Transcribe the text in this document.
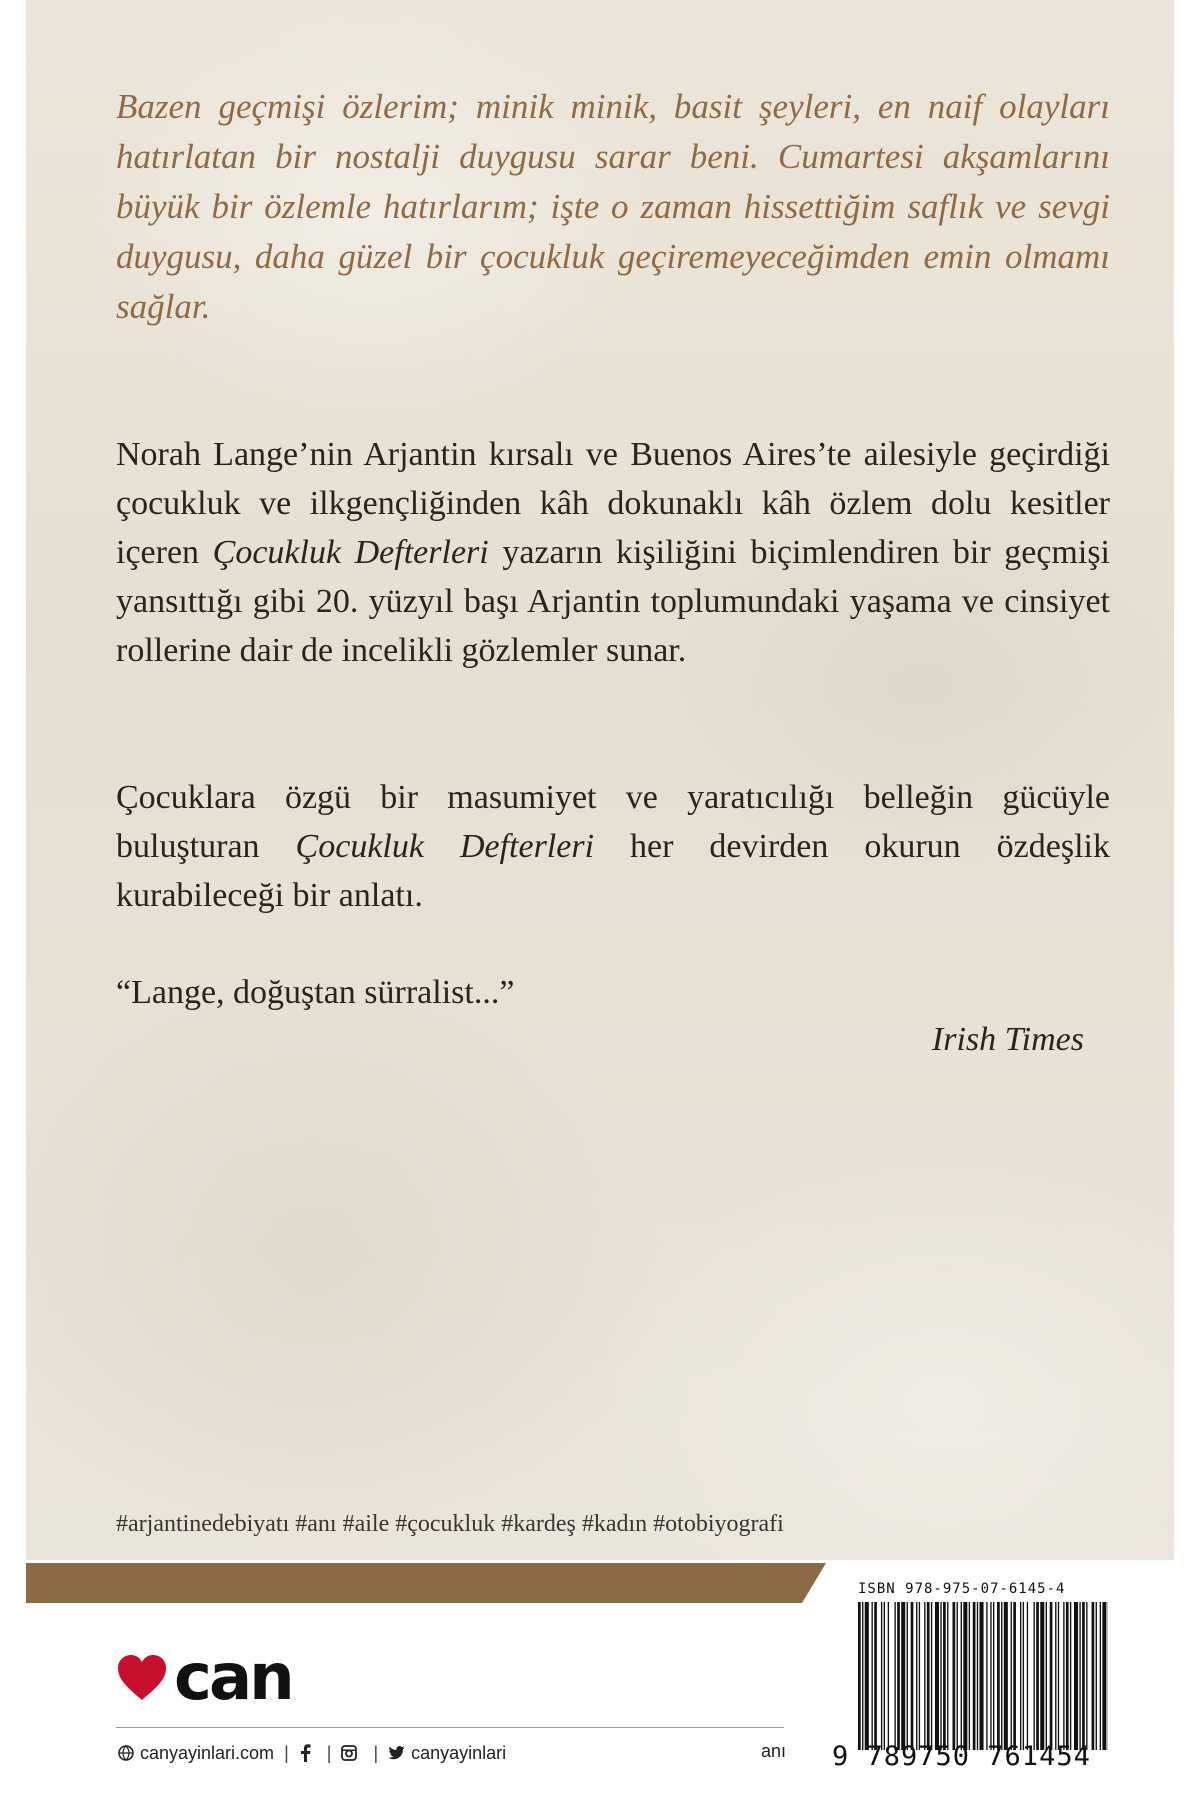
Bazen geçmişi özlerim; minik minik, basit şeyleri, en naif olayları hatırlatan bir nostalji duygusu sarar beni. Cumartesi akşamlarını büyük bir özlemle hatırlarım; işte o zaman hissettiğim saflık ve sevgi duygusu, daha güzel bir çocukluk geçiremeyeceğimden emin olmamı sağlar.

Norah Lange’nin Arjantin kırsalı ve Buenos Aires’te ailesiyle geçirdiği çocukluk ve ilkgençliğinden kâh dokunaklı kâh özlem dolu kesitler içeren Çocukluk Defterleri yazarın kişiliğini biçimlendiren bir geçmişi yansıttığı gibi 20. yüzyıl başı Arjantin toplumundaki yaşama ve cinsiyet rollerine dair de incelikli gözlemler sunar.

Çocuklara özgü bir masumiyet ve yaratıcılığı belleğin gücüyle buluşturan Çocukluk Defterleri her devirden okurun özdeşlik kurabileceği bir anlatı.

“Lange, doğuştan sürralist...”

Irish Times

#arjantinedebiyatı #anı #aile #çocukluk #kardeş #kadın #otobiyografi

can
canyayinlari.com | | | canyayinlari	anı
ISBN 978-975-07-6145-4
9 789750 761454
